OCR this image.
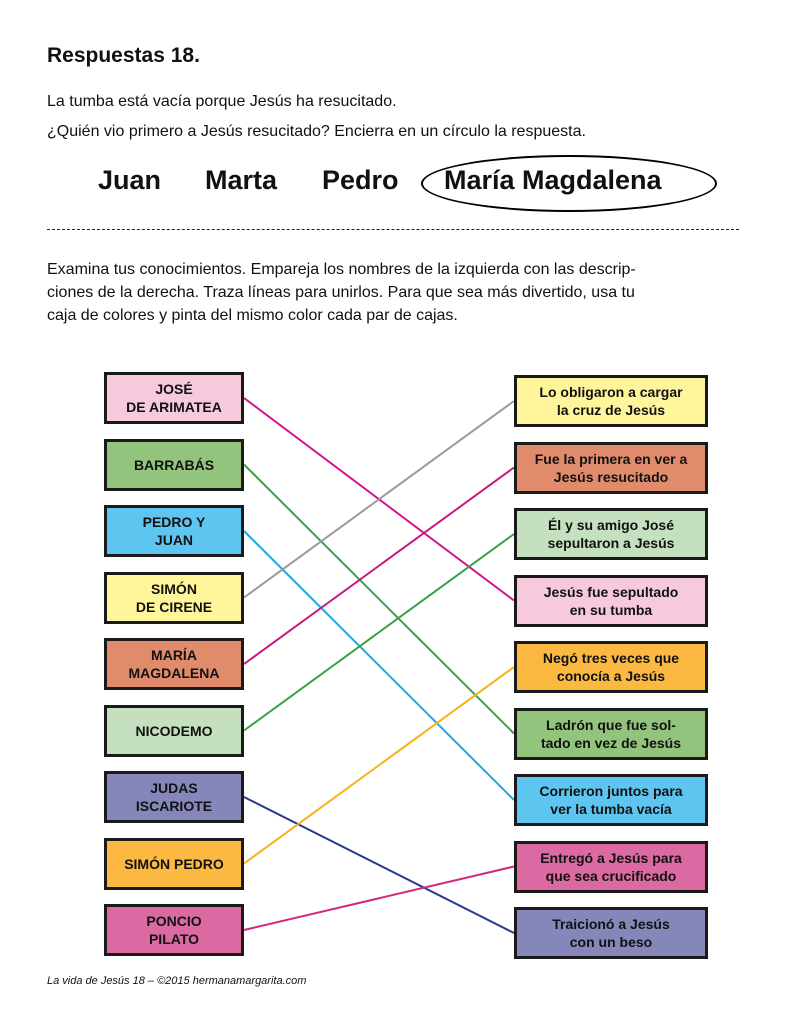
Respuestas 18.
La tumba está vacía porque Jesús ha resucitado.
¿Quién vio primero a Jesús resucitado? Encierra en un círculo la respuesta.
Juan Marta Pedro María Magdalena
Examina tus conocimientos. Empareja los nombres de la izquierda con las descrip-
ciones de la derecha. Traza líneas para unirlos. Para que sea más divertido, usa tu
caja de colores y pinta del mismo color cada par de cajas.
JOSÉ
DE ARIMATEA
BARRABÁS
PEDRO Y
JUAN
SIMÓN
DE CIRENE
MARÍA
MAGDALENA
NICODEMO
JUDAS
ISCARIOTE
SIMÓN PEDRO
PONCIO
PILATO
Lo obligaron a cargar
la cruz de Jesús
Fue la primera en ver a
Jesús resucitado
Él y su amigo José
sepultaron a Jesús
Jesús fue sepultado
en su tumba
Negó tres veces que
conocía a Jesús
Ladrón que fue sol-
tado en vez de Jesús
Corrieron juntos para
ver la tumba vacía
Entregó a Jesús para
que sea crucificado
Traicionó a Jesús
con un beso
La vida de Jesús 18 – ©2015 hermanamargarita.com
